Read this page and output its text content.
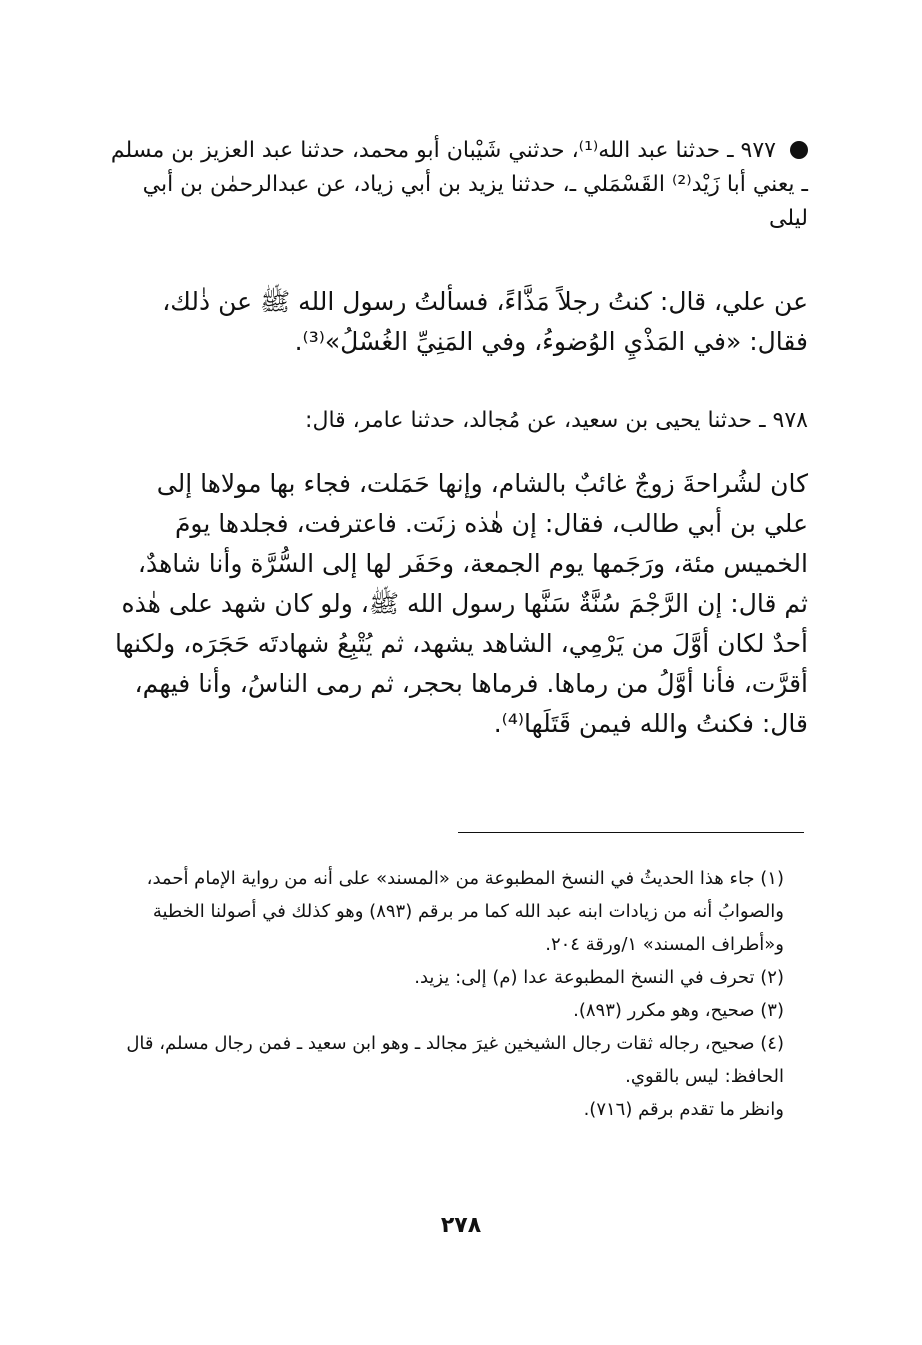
٩٧٧ ـ حدثنا عبد الله⁽¹⁾، حدثني شَيْبان أبو محمد، حدثنا عبد العزيز بن مسلم ـ يعني أبا زَيْد⁽²⁾ القَسْمَلي ـ، حدثنا يزيد بن أبي زياد، عن عبدالرحمٰن بن أبي ليلى
عن علي، قال: كنتُ رجلاً مَذَّاءً، فسألتُ رسول الله ﷺ عن ذٰلك، فقال: «في المَذْيِ الوُضوءُ، وفي المَنِيِّ الغُسْلُ»⁽³⁾.
٩٧٨ ـ حدثنا يحيى بن سعيد، عن مُجالد، حدثنا عامر، قال:
كان لشُراحةَ زوجٌ غائبٌ بالشام، وإنها حَمَلت، فجاء بها مولاها إلى علي بن أبي طالب، فقال: إن هٰذه زنَت. فاعترفت، فجلدها يومَ الخميس مئة، ورَجَمها يوم الجمعة، وحَفَر لها إلى السُّرَّة وأنا شاهدٌ، ثم قال: إن الرَّجْمَ سُنَّةٌ سَنَّها رسول الله ﷺ، ولو كان شهد على هٰذه أحدٌ لكان أوَّلَ من يَرْمِي، الشاهد يشهد، ثم يُتْبِعُ شهادتَه حَجَرَه، ولكنها أقرَّت، فأنا أوَّلُ من رماها. فرماها بحجر، ثم رمى الناسُ، وأنا فيهم، قال: فكنتُ والله فيمن قَتَلَها⁽⁴⁾.
(١) جاء هذا الحديثُ في النسخ المطبوعة من «المسند» على أنه من رواية الإمام أحمد، والصوابُ أنه من زيادات ابنه عبد الله كما مر برقم (٨٩٣) وهو كذلك في أصولنا الخطية و«أطراف المسند» ١/ورقة ٢٠٤.
(٢) تحرف في النسخ المطبوعة عدا (م) إلى: يزيد.
(٣) صحيح، وهو مكرر (٨٩٣).
(٤) صحيح، رجاله ثقات رجال الشيخين غيرَ مجالد ـ وهو ابن سعيد ـ فمن رجال مسلم، قال الحافظ: ليس بالقوي.
وانظر ما تقدم برقم (٧١٦).
٢٧٨
